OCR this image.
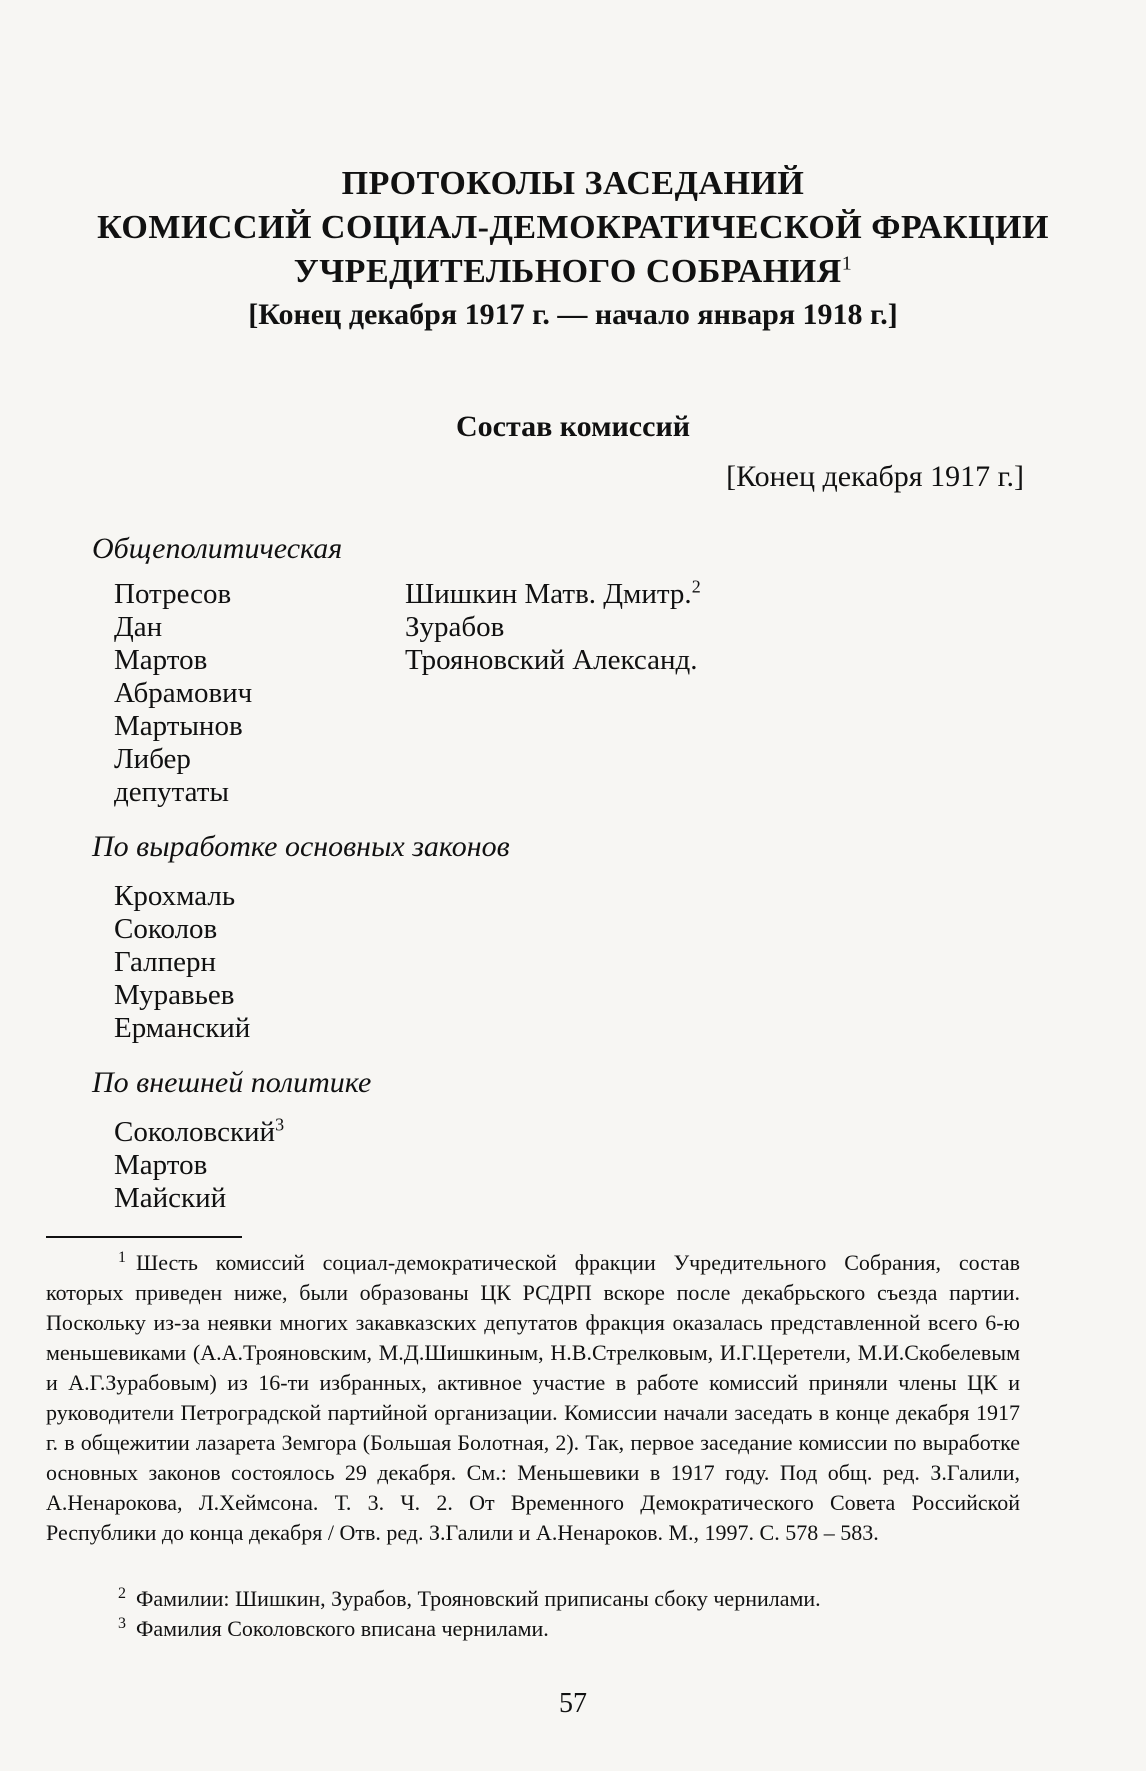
ПРОТОКОЛЫ ЗАСЕДАНИЙ
КОМИССИЙ СОЦИАЛ-ДЕМОКРАТИЧЕСКОЙ ФРАКЦИИ
УЧРЕДИТЕЛЬНОГО СОБРАНИЯ$^1$
[Конец декабря 1917 г. — начало января 1918 г.]
Состав комиссий
[Конец декабря 1917 г.]
Общеполитическая
Потресов
Дан
Мартов
Абрамович
Мартынов
Либер
депутаты
Шишкин Матв. Дмитр.$^2$
Зурабов
Трояновский Александ.
По выработке основных законов
Крохмаль
Соколов
Галперн
Муравьев
Ерманский
По внешней политике
Соколовский$^3$
Мартов
Майский
1 Шесть комиссий социал-демократической фракции Учредительного Собрания, состав которых приведен ниже, были образованы ЦК РСДРП вскоре после декабрьского съезда партии. Поскольку из-за неявки многих закавказских депутатов фракция оказалась представленной всего 6-ю меньшевиками (А.А.Трояновским, М.Д.Шишкиным, Н.В.Стрелковым, И.Г.Церетели, М.И.Скобелевым и А.Г.Зурабовым) из 16-ти избранных, активное участие в работе комиссий приняли члены ЦК и руководители Петроградской партийной организации. Комиссии начали заседать в конце декабря 1917 г. в общежитии лазарета Земгора (Большая Болотная, 2). Так, первое заседание комиссии по выработке основных законов состоялось 29 декабря. См.: Меньшевики в 1917 году. Под общ. ред. З.Галили, А.Ненарокова, Л.Хеймсона. Т. 3. Ч. 2. От Временного Демократического Совета Российской Республики до конца декабря / Отв. ред. З.Галили и А.Ненароков. М., 1997. С. 578 – 583.
2 Фамилии: Шишкин, Зурабов, Трояновский приписаны сбоку чернилами.
3 Фамилия Соколовского вписана чернилами.
57
